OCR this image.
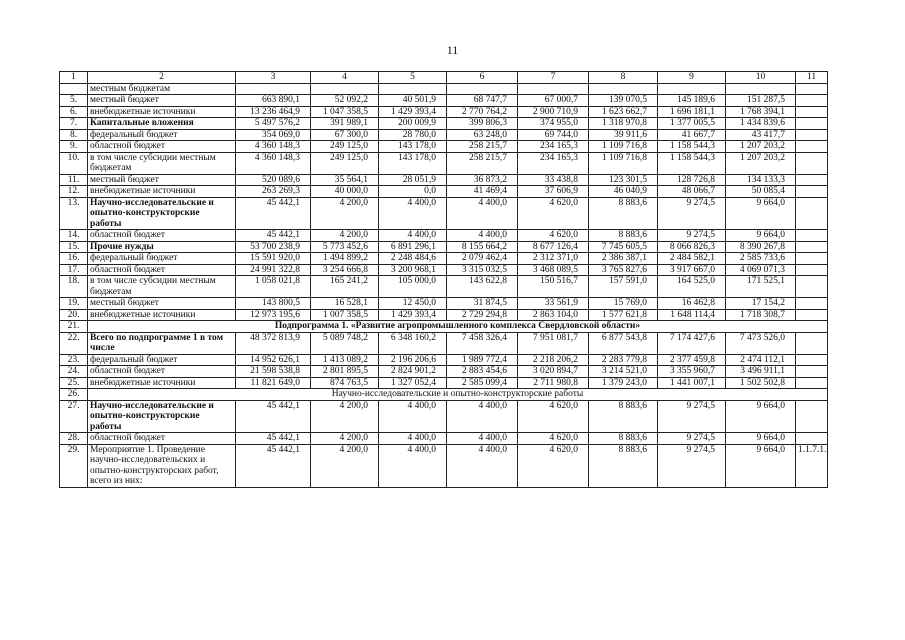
11
1	2	3	4	5	6	7	8	9	10	11
	местным бюджетам									
5.	местный бюджет	663 890,1	52 092,2	40 501,9	68 747,7	67 000,7	139 070,5	145 189,6	151 287,5	
6.	внебюджетные источники	13 236 464,9	1 047 358,5	1 429 393,4	2 770 764,2	2 900 710,9	1 623 662,7	1 696 181,1	1 768 394,1	
7.	Капитальные вложения	5 497 576,2	391 989,1	200 009,9	399 806,3	374 955,0	1 318 970,8	1 377 005,5	1 434 839,6	
8.	федеральный бюджет	354 069,0	67 300,0	28 780,0	63 248,0	69 744,0	39 911,6	41 667,7	43 417,7	
9.	областной бюджет	4 360 148,3	249 125,0	143 178,0	258 215,7	234 165,3	1 109 716,8	1 158 544,3	1 207 203,2	
10.	в том числе субсидии местным бюджетам	4 360 148,3	249 125,0	143 178,0	258 215,7	234 165,3	1 109 716,8	1 158 544,3	1 207 203,2	
11.	местный бюджет	520 089,6	35 564,1	28 051,9	36 873,2	33 438,8	123 301,5	128 726,8	134 133,3	
12.	внебюджетные источники	263 269,3	40 000,0	0,0	41 469,4	37 606,9	46 040,9	48 066,7	50 085,4	
13.	Научно-исследовательские и опытно-конструкторские работы	45 442,1	4 200,0	4 400,0	4 400,0	4 620,0	8 883,6	9 274,5	9 664,0	
14.	областной бюджет	45 442,1	4 200,0	4 400,0	4 400,0	4 620,0	8 883,6	9 274,5	9 664,0	
15.	Прочие нужды	53 700 238,9	5 773 452,6	6 891 296,1	8 155 664,2	8 677 126,4	7 745 605,5	8 066 826,3	8 390 267,8	
16.	федеральный бюджет	15 591 920,0	1 494 899,2	2 248 484,6	2 079 462,4	2 312 371,0	2 386 387,1	2 484 582,1	2 585 733,6	
17.	областной бюджет	24 991 322,8	3 254 666,8	3 200 968,1	3 315 032,5	3 468 089,5	3 765 827,6	3 917 667,0	4 069 071,3	
18.	в том числе субсидии местным бюджетам	1 058 021,8	165 241,2	105 000,0	143 622,8	150 516,7	157 591,0	164 525,0	171 525,1	
19.	местный бюджет	143 800,5	16 528,1	12 450,0	31 874,5	33 561,9	15 769,0	16 462,8	17 154,2	
20.	внебюджетные источники	12 973 195,6	1 007 358,5	1 429 393,4	2 729 294,8	2 863 104,0	1 577 621,8	1 648 114,4	1 718 308,7	
21.	Подпрограмма 1. «Развитие агропромышленного комплекса Свердловской области»									
22.	Всего по подпрограмме 1 в том числе	48 372 813,9	5 089 748,2	6 348 160,2	7 458 326,4	7 951 081,7	6 877 543,8	7 174 427,6	7 473 526,0	
23.	федеральный бюджет	14 952 626,1	1 413 089,2	2 196 206,6	1 989 772,4	2 218 206,2	2 283 779,8	2 377 459,8	2 474 112,1	
24.	областной бюджет	21 598 538,8	2 801 895,5	2 824 901,2	2 883 454,6	3 020 894,7	3 214 521,0	3 355 960,7	3 496 911,1	
25.	внебюджетные источники	11 821 649,0	874 763,5	1 327 052,4	2 585 099,4	2 711 980,8	1 379 243,0	1 441 007,1	1 502 502,8	
26.	Научно-исследовательские и опытно-конструкторские работы									
27.	Научно-исследовательские и опытно-конструкторские работы	45 442,1	4 200,0	4 400,0	4 400,0	4 620,0	8 883,6	9 274,5	9 664,0	
28.	областной бюджет	45 442,1	4 200,0	4 400,0	4 400,0	4 620,0	8 883,6	9 274,5	9 664,0	
29.	Мероприятие 1. Проведение научно-исследовательских и опытно-конструкторских работ, всего из них:	45 442,1	4 200,0	4 400,0	4 400,0	4 620,0	8 883,6	9 274,5	9 664,0	1.1.7.1.
